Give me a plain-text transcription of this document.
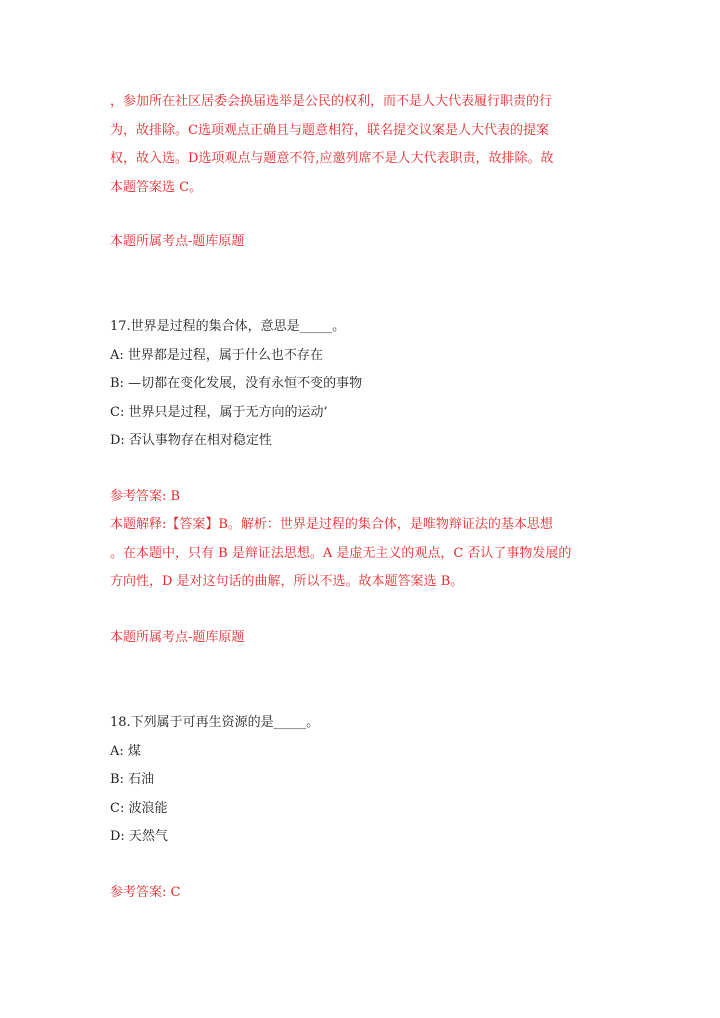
，参加所在社区居委会换届选举是公民的权利，而不是人大代表履行职责的行
为，故排除。C选项观点正确且与题意相符，联名提交议案是人大代表的提案
权，故入选。D选项观点与题意不符,应邀列席不是人大代表职责，故排除。故
本题答案选 C。
本题所属考点-题库原题
17.世界是过程的集合体，意思是_____。
A: 世界都是过程，属于什么也不存在
B: —切都在变化发展，没有永恒不变的事物
C: 世界只是过程，属于无方向的运动’
D: 否认事物存在相对稳定性
参考答案: B
本题解释:【答案】B。解析：世界是过程的集合体，是唯物辩证法的基本思想
。在本题中，只有 B 是辩证法思想。A 是虚无主义的观点，C 否认了事物发展的
方向性，D 是对这句话的曲解，所以不选。故本题答案选 B。
本题所属考点-题库原题
18.下列属于可再生资源的是_____。
A: 煤
B: 石油
C: 波浪能
D: 天然气
参考答案: C
